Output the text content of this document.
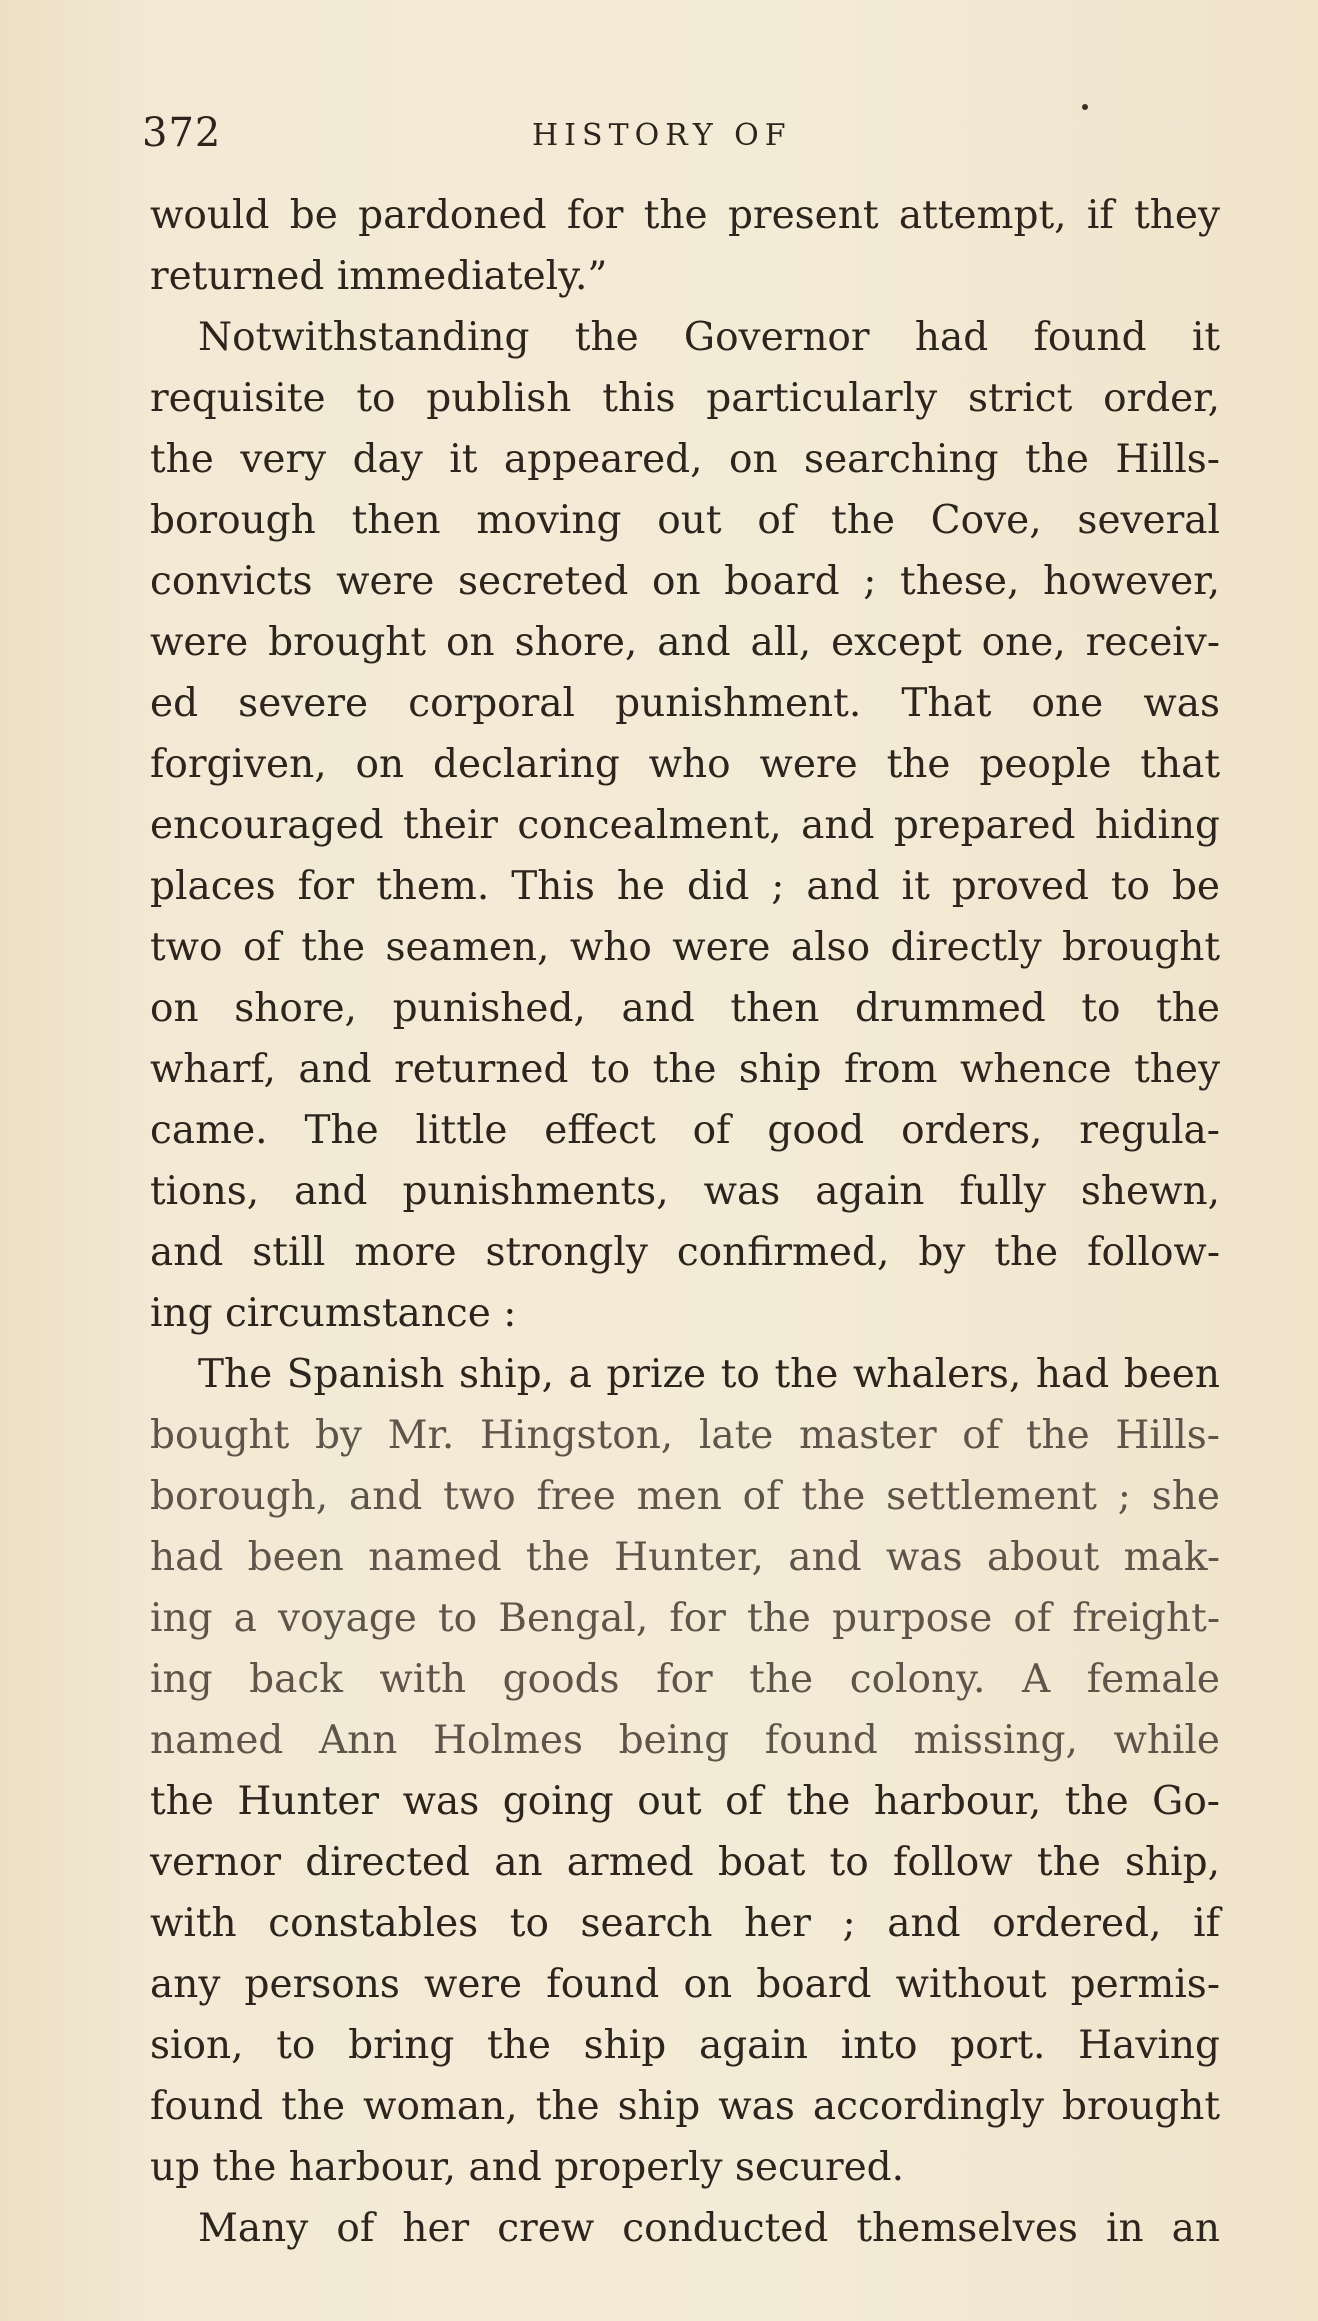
372	HISTORY OF
would be pardoned for the present attempt, if they
returned immediately.”
Notwithstanding the Governor had found it
requisite to publish this particularly strict order,
the very day it appeared, on searching the Hills-
borough then moving out of the Cove, several
convicts were secreted on board ; these, however,
were brought on shore, and all, except one, receiv-
ed severe corporal punishment. That one was
forgiven, on declaring who were the people that
encouraged their concealment, and prepared hiding
places for them. This he did ; and it proved to be
two of the seamen, who were also directly brought
on shore, punished, and then drummed to the
wharf, and returned to the ship from whence they
came. The little effect of good orders, regula-
tions, and punishments, was again fully shewn,
and still more strongly confirmed, by the follow-
ing circumstance :
The Spanish ship, a prize to the whalers, had been
bought by Mr. Hingston, late master of the Hills-
borough, and two free men of the settlement ; she
had been named the Hunter, and was about mak-
ing a voyage to Bengal, for the purpose of freight-
ing back with goods for the colony. A female
named Ann Holmes being found missing, while
the Hunter was going out of the harbour, the Go-
vernor directed an armed boat to follow the ship,
with constables to search her ; and ordered, if
any persons were found on board without permis-
sion, to bring the ship again into port. Having
found the woman, the ship was accordingly brought
up the harbour, and properly secured.
Many of her crew conducted themselves in an
